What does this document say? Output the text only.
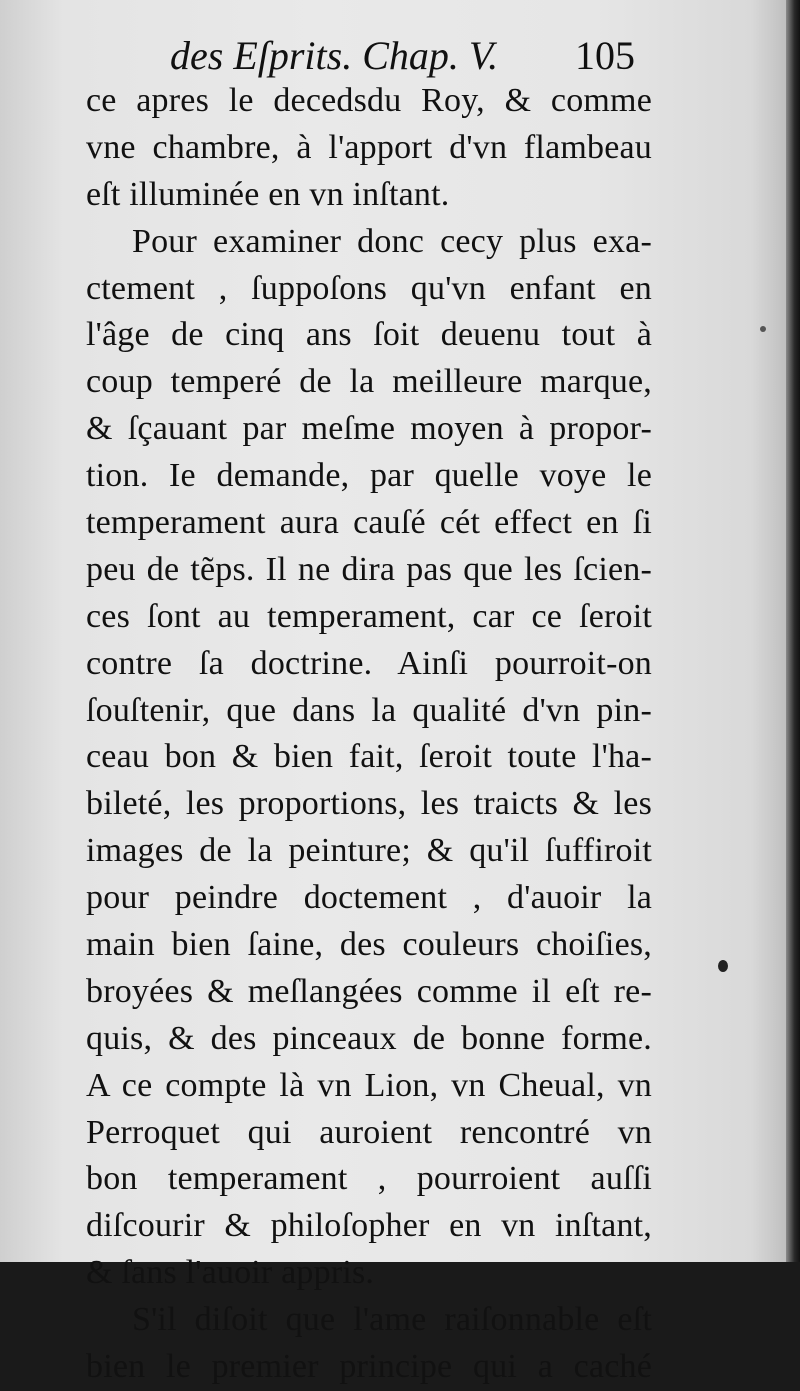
des Eſprits. Chap. V. 105
ce apres le decedsdu Roy, & comme
vne chambre, à l'apport d'vn flambeau
eſt illuminée en vn inſtant.
Pour examiner donc cecy plus exa-
ctement , ſuppoſons qu'vn enfant en
l'âge de cinq ans ſoit deuenu tout à
coup temperé de la meilleure marque,
& ſçauant par meſme moyen à propor-
tion. Ie demande, par quelle voye le
temperament aura cauſé cét effect en ſi
peu de tẽps. Il ne dira pas que les ſcien-
ces ſont au temperament, car ce ſeroit
contre ſa doctrine. Ainſi pourroit-on
ſouſtenir, que dans la qualité d'vn pin-
ceau bon & bien fait, ſeroit toute l'ha-
bileté, les proportions, les traicts & les
images de la peinture; & qu'il ſuffiroit
pour peindre doctement , d'auoir la
main bien ſaine, des couleurs choiſies,
broyées & meſlangées comme il eſt re-
quis, & des pinceaux de bonne forme.
A ce compte là vn Lion, vn Cheual, vn
Perroquet qui auroient rencontré vn
bon temperament , pourroient auſſi
diſcourir & philoſopher en vn inſtant,
& ſans l'auoir appris.
S'il diſoit que l'ame raiſonnable eſt
bien le premier principe qui a caché
